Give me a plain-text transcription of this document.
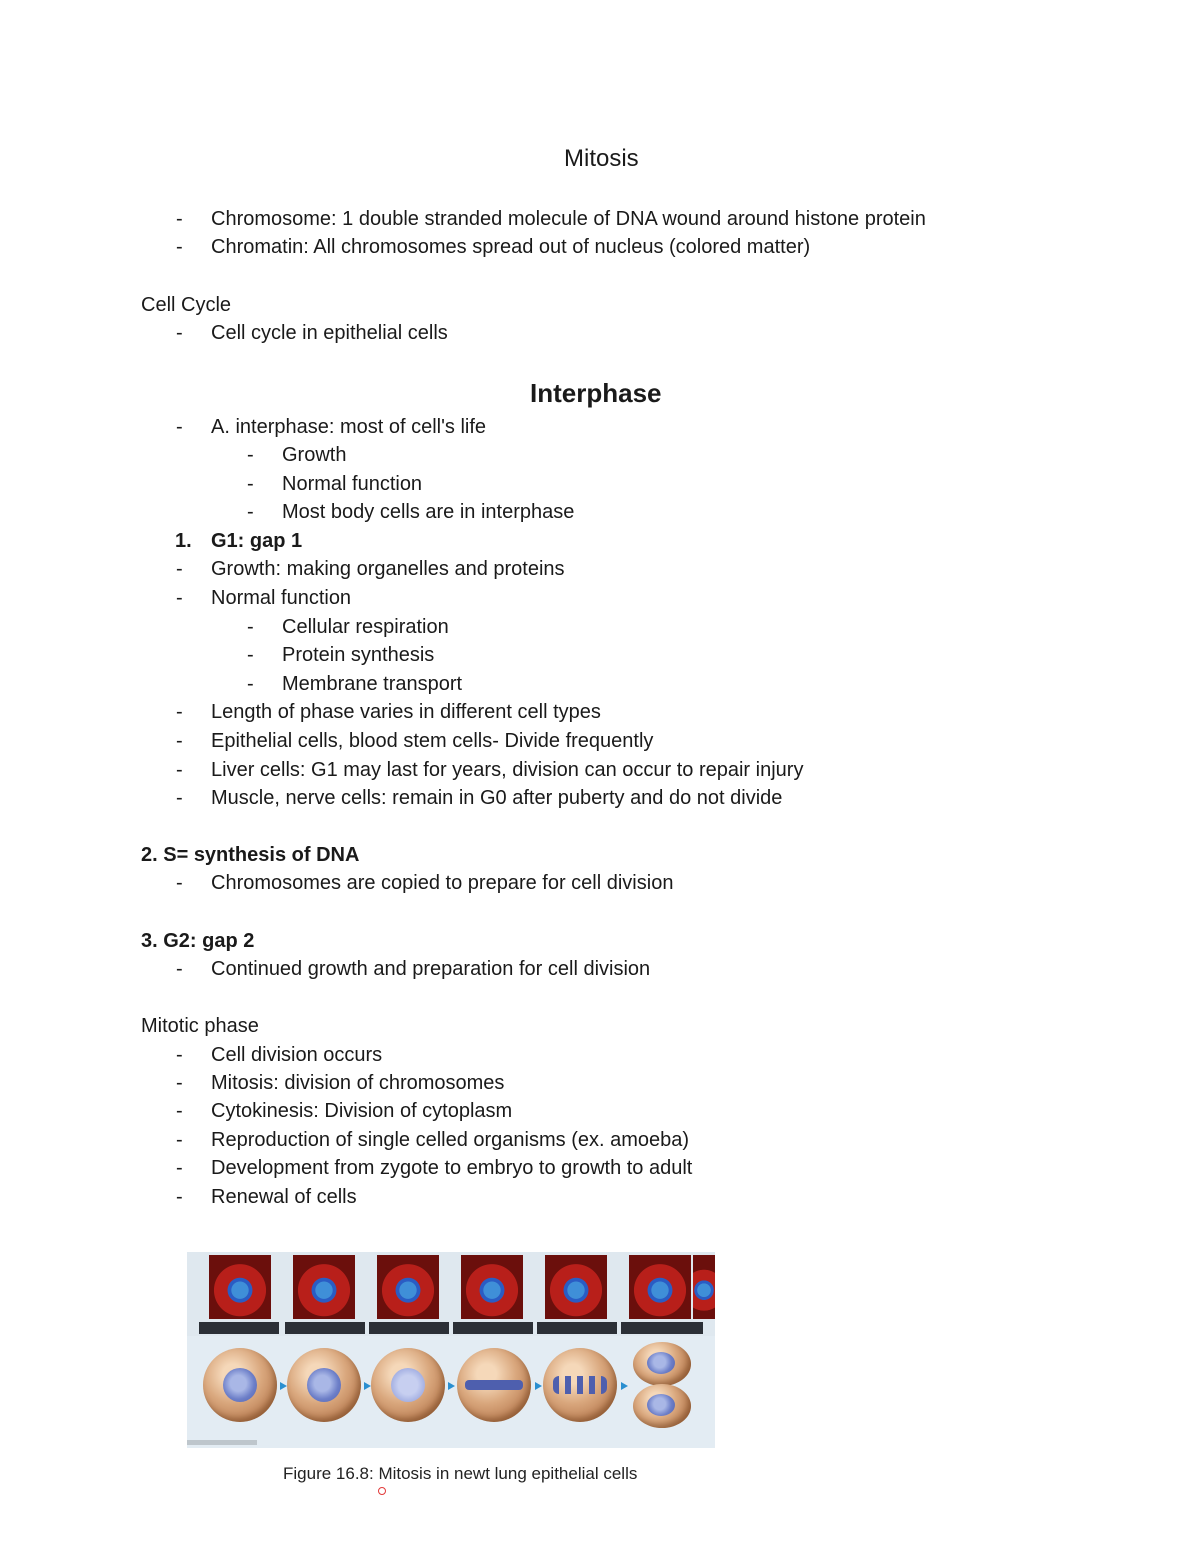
Mitosis
- Chromosome: 1 double stranded molecule of DNA wound around histone protein
- Chromatin: All chromosomes spread out of nucleus (colored matter)
Cell Cycle
- Cell cycle in epithelial cells
Interphase
- A. interphase: most of cell's life
- Growth
- Normal function
- Most body cells are in interphase
1. G1: gap 1
- Growth: making organelles and proteins
- Normal function
- Cellular respiration
- Protein synthesis
- Membrane transport
- Length of phase varies in different cell types
- Epithelial cells, blood stem cells- Divide frequently
- Liver cells: G1 may last for years, division can occur to repair injury
- Muscle, nerve cells: remain in G0 after puberty and do not divide
2. S= synthesis of DNA
- Chromosomes are copied to prepare for cell division
3. G2: gap 2
- Continued growth and preparation for cell division
Mitotic phase
- Cell division occurs
- Mitosis: division of chromosomes
- Cytokinesis: Division of cytoplasm
- Reproduction of single celled organisms (ex. amoeba)
- Development from zygote to embryo to growth to adult
- Renewal of cells
Figure 16.8: Mitosis in newt lung epithelial cells
